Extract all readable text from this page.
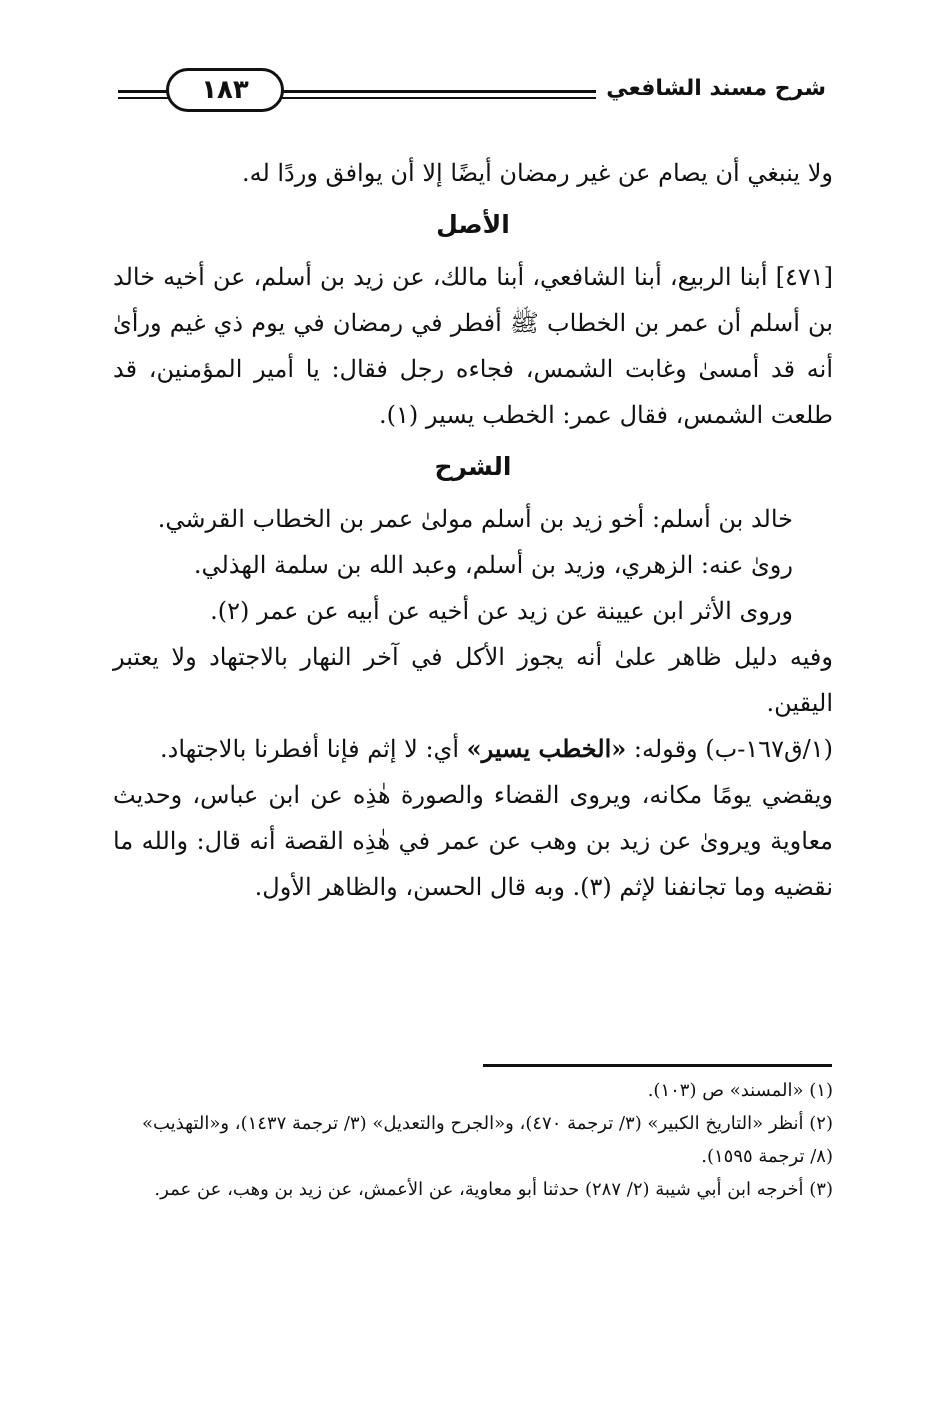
شرح مسند الشافعي
١٨٣

ولا ينبغي أن يصام عن غير رمضان أيضًا إلا أن يوافق وردًا له.

الأصل

[٤٧١] أبنا الربيع، أبنا الشافعي، أبنا مالك، عن زيد بن أسلم، عن أخيه خالد بن أسلم أن عمر بن الخطاب ﷺ أفطر في رمضان في يوم ذي غيم ورأىٰ أنه قد أمسىٰ وغابت الشمس، فجاءه رجل فقال: يا أمير المؤمنين، قد طلعت الشمس، فقال عمر: الخطب يسير (١).

الشرح

خالد بن أسلم: أخو زيد بن أسلم مولىٰ عمر بن الخطاب القرشي.

روىٰ عنه: الزهري، وزيد بن أسلم، وعبد الله بن سلمة الهذلي.

وروى الأثر ابن عيينة عن زيد عن أخيه عن أبيه عن عمر (٢).

وفيه دليل ظاهر علىٰ أنه يجوز الأكل في آخر النهار بالاجتهاد ولا يعتبر اليقين.

(١/ق١٦٧-ب) وقوله: «الخطب يسير» أي: لا إثم فإنا أفطرنا بالاجتهاد.

ويقضي يومًا مكانه، ويروى القضاء والصورة هٰذِه عن ابن عباس، وحديث معاوية ويروىٰ عن زيد بن وهب عن عمر في هٰذِه القصة أنه قال: والله ما نقضيه وما تجانفنا لإثم (٣). وبه قال الحسن، والظاهر الأول.

(١) «المسند» ص (١٠٣).

(٢) أنظر «التاريخ الكبير» (٣/ ترجمة ٤٧٠)، و«الجرح والتعديل» (٣/ ترجمة ١٤٣٧)، و«التهذيب» (٨/ ترجمة ١٥٩٥).

(٣) أخرجه ابن أبي شيبة (٢/ ٢٨٧) حدثنا أبو معاوية، عن الأعمش، عن زيد بن وهب، عن عمر.
